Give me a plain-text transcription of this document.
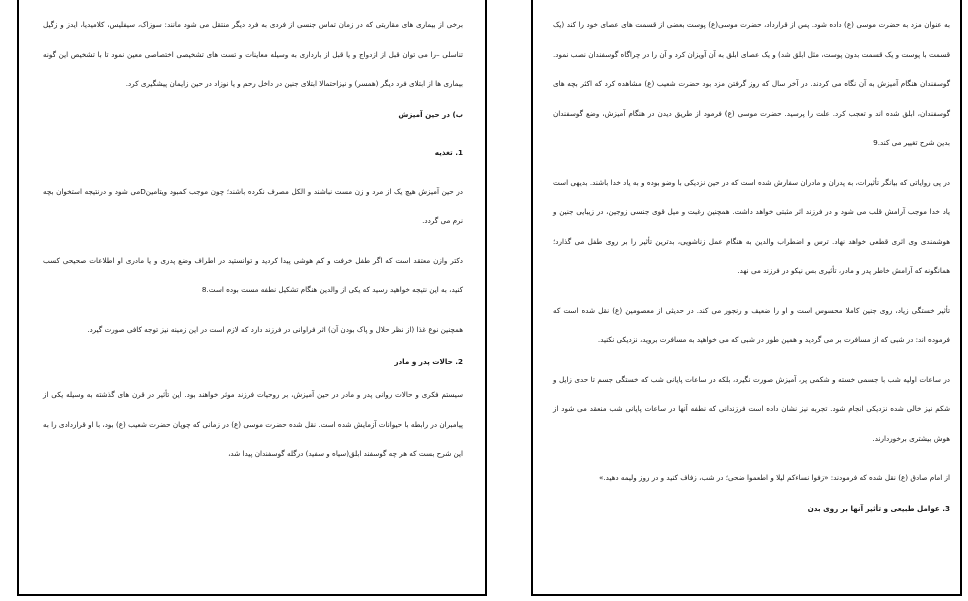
برخی از بیماری های مقاربتی که در زمان تماس جنسی از فردی به فرد دیگر منتقل می شود مانند: سوزاک، سیفلیس، کلامیدیا، ایدز و زگیل تناسلی –را می توان قبل از ازدواج و یا قبل از بارداری به وسیله معاینات و تست های تشخیصی اختصاصی معین نمود تا با تشخیص این گونه بیماری ها از ابتلای فرد دیگر (همسر) و نیزاحتمالا ابتلای جنین در داخل رحم و یا نوزاد در حین زایمان پیشگیری کرد.

ب) در حین آمیزش

1. تغذیه

در حین آمیزش هیچ یک از مرد و زن مست نباشند و الکل مصرف نکرده باشند؛ چون موجب کمبود ویتامینDمی شود و درنتیجه استخوان بچه نرم می گردد.

دکتر وازن معتقد است که اگر طفل خرفت و کم هوشی پیدا کردید و توانستید در اطراف وضع پدری و یا مادری او اطلاعات صحیحی کسب کنید، به این نتیجه خواهید رسید که یکی از والدین هنگام تشکیل نطفه مست بوده است.8

همچنین نوع غذا (از نظر حلال و پاک بودن آن) اثر فراوانی در فرزند دارد که لازم است در این زمینه نیز توجه کافی صورت گیرد.

2. حالات پدر و مادر

سیستم فکری و حالات روانی پدر و مادر در حین آمیزش، بر روحیات فرزند موثر خواهند بود. این تأثیر در قرن های گذشته به وسیله یکی از پیامبران در رابطه با حیوانات آزمایش شده است. نقل شده حضرت موسی (ع) در زمانی که چوپان حضرت شعیب (ع) بود، با او قراردادی را به این شرح بست که هر چه گوسفند ابلق(سیاه و سفید) درگله گوسفندان پیدا شد،

به عنوان مزد به حضرت موسی (ع) داده شود. پس از قرارداد، حضرت موسی(ع) پوست بعضی از قسمت های عصای خود را کند (یک قسمت با پوست و یک قسمت بدون پوست، مثل ابلق شد) و یک عصای ابلق به آن آویزان کرد و آن را در چراگاه گوسفندان نصب نمود. گوسفندان هنگام آمیزش به آن نگاه می کردند. در آخر سال که روز گرفتن مزد بود حضرت شعیب (ع) مشاهده کرد که اکثر بچه های گوسفندان، ابلق شده اند و تعجب کرد. علت را پرسید. حضرت موسی (ع) فرمود از طریق دیدن در هنگام آمیزش، وضع گوسفندان بدین شرح تغییر می کند.9

در پی روایاتی که بیانگر تأثیرات، به پدران و مادران سفارش شده است که در حین نزدیکی با وضو بوده و به یاد خدا باشند. بدیهی است یاد خدا موجب آرامش قلب می شود و در فرزند اثر مثبتی خواهد داشت. همچنین رغبت و میل قوی جنسی زوجین، در زیبایی جنین و هوشمندی وی اثری قطعی خواهد نهاد. ترس و اضطراب والدین به هنگام عمل زناشویی، بدترین تأثیر را بر روی طفل می گذارد؛ همانگونه که آرامش خاطر پدر و مادر، تأثیری بس نیکو در فرزند می نهد.

تأثیر خستگی زیاد، روی جنین کاملا محسوس است و او را ضعیف و رنجور می کند. در حدیثی از معصومین (ع) نقل شده است که فرموده اند: در شبی که از مسافرت بر می گردید و همین طور در شبی که می خواهید به مسافرت بروید، نزدیکی نکنید.

در ساعات اولیه شب با جسمی خسته و شکمی پر، آمیزش صورت نگیرد، بلکه در ساعات پایانی شب که خستگی جسم تا حدی زایل و شکم نیز خالی شده نزدیکی انجام شود. تجربه نیز نشان داده است فرزندانی که نطفه آنها در ساعات پایانی شب منعقد می شود از هوش بیشتری برخوردارند.

از امام صادق (ع) نقل شده که فرمودند: «زفوا نساءکم لیلا و اطعموا ضحی؛ در شب، زفاف کنید و در روز ولیمه دهید.»

3. عوامل طبیعی و تأثیر آنها بر روی بدن
